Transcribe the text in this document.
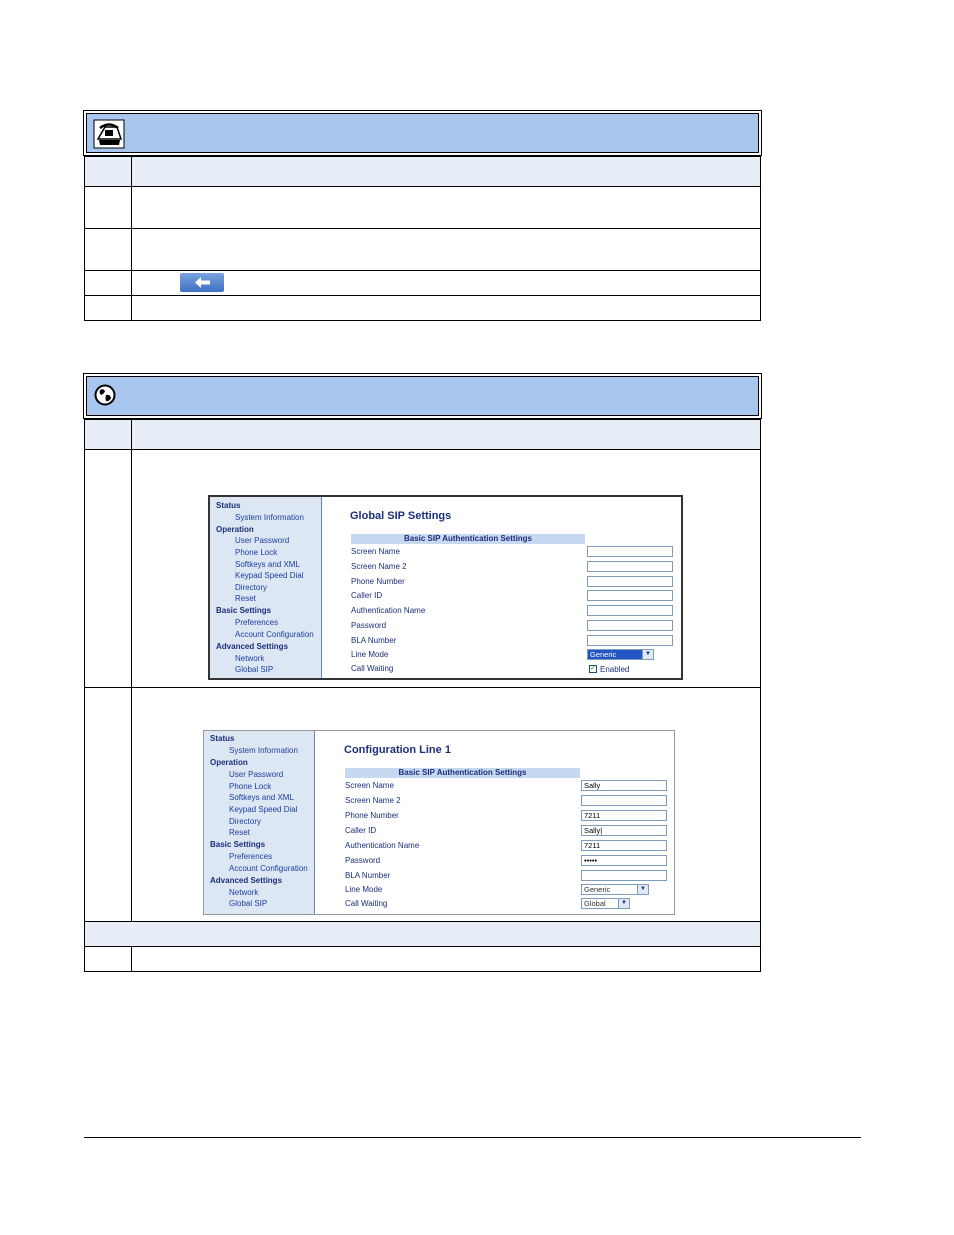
Status
System Information
Operation
User Password
Phone Lock
Softkeys and XML
Keypad Speed Dial
Directory
Reset
Basic Settings
Preferences
Account Configuration
Advanced Settings
Network
Global SIP
Global SIP Settings
Basic SIP Authentication Settings
Screen Name
Screen Name 2
Phone Number
Caller ID
Authentication Name
Password
BLA Number
Line Mode	Generic	▼
Call Waiting	✓ Enabled
Status
System Information
Operation
User Password
Phone Lock
Softkeys and XML
Keypad Speed Dial
Directory
Reset
Basic Settings
Preferences
Account Configuration
Advanced Settings
Network
Global SIP
Configuration Line 1
Basic SIP Authentication Settings
Screen Name	Sally
Screen Name 2
Phone Number	7211
Caller ID	Sally|
Authentication Name	7211
Password	•••••
BLA Number
Line Mode	Generic	▼
Call Waiting	Global	▼
